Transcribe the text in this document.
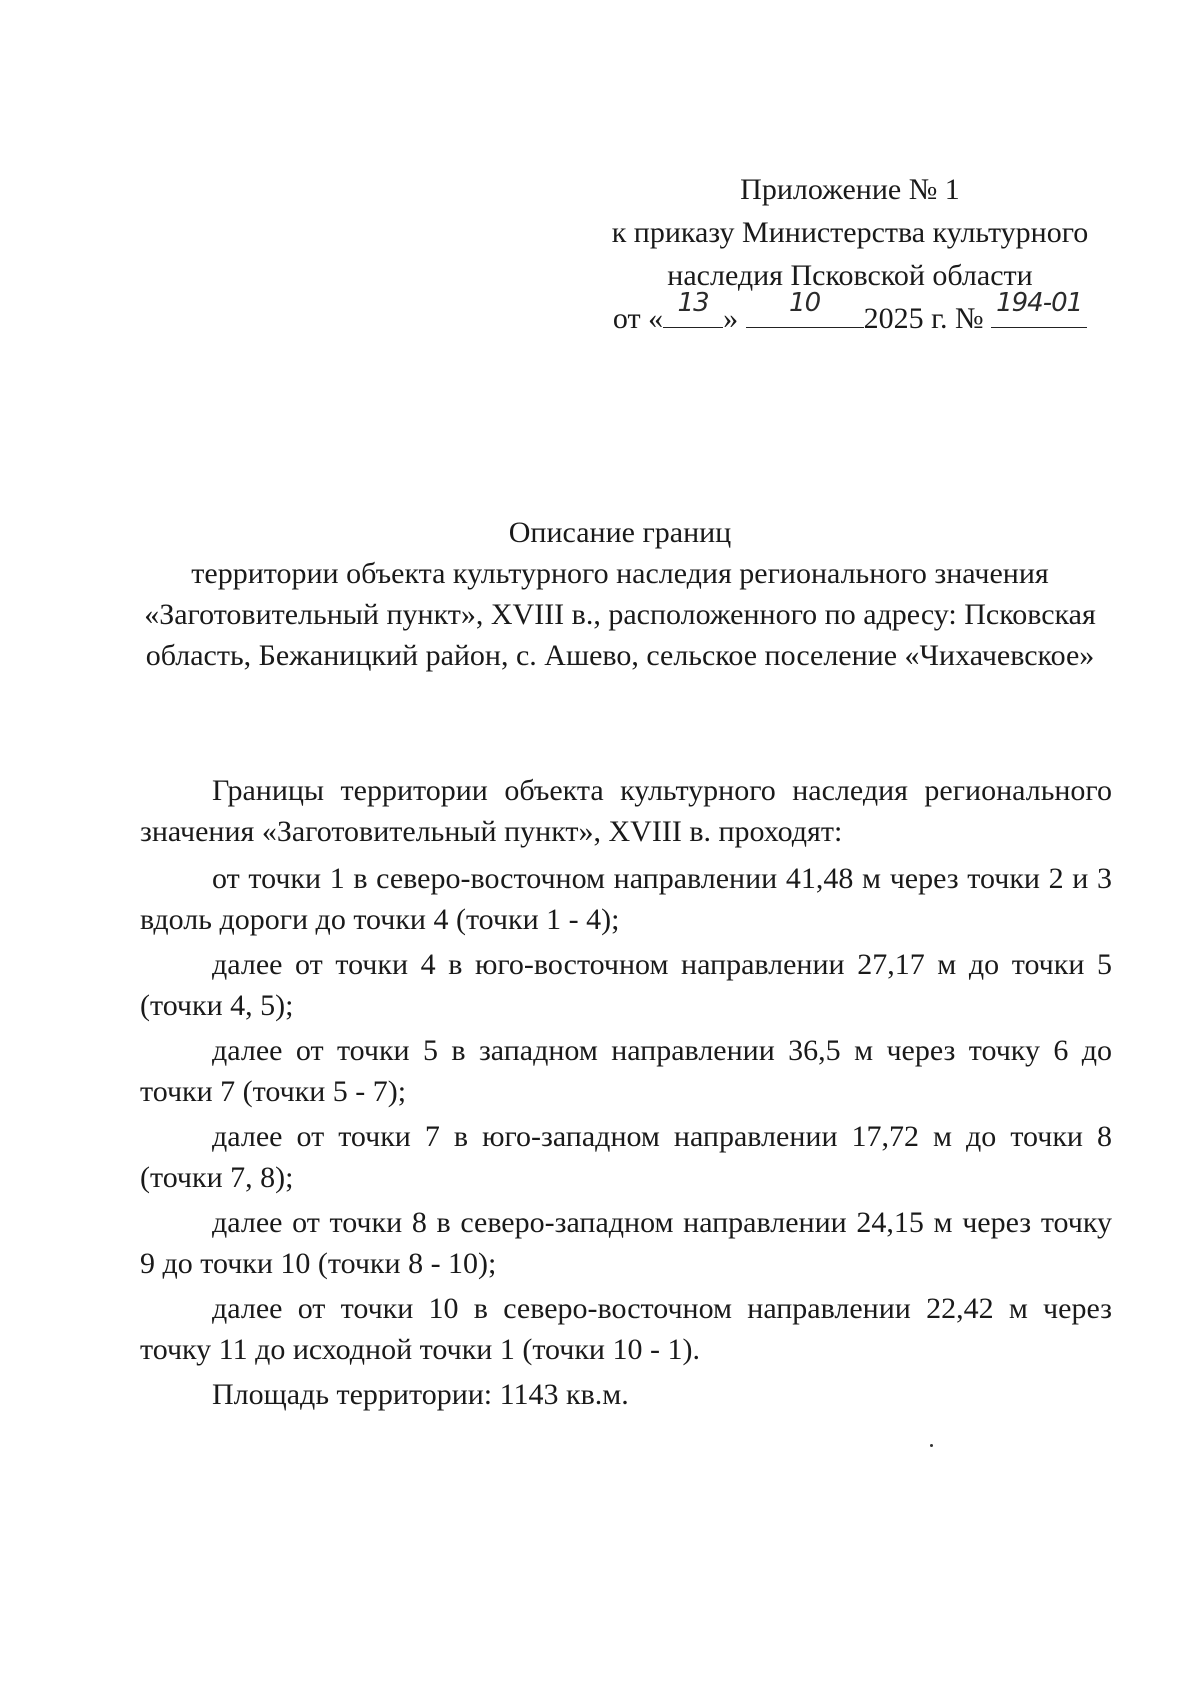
Приложение № 1
к приказу Министерства культурного
наследия Псковской области
от « 13 »	10	2025 г. № 194-01
Описание границ
территории объекта культурного наследия регионального значения
«Заготовительный пункт», XVIII в., расположенного по адресу: Псковская
область, Бежаницкий район, с. Ашево, сельское поселение «Чихачевское»

Границы территории объекта культурного наследия регионального значения «Заготовительный пункт», XVIII в. проходят:

от точки 1 в северо-восточном направлении 41,48 м через точки 2 и 3 вдоль дороги до точки 4 (точки 1 - 4);

далее от точки 4 в юго-восточном направлении 27,17 м до точки 5 (точки 4, 5);

далее от точки 5 в западном направлении 36,5 м через точку 6 до точки 7 (точки 5 - 7);

далее от точки 7 в юго-западном направлении 17,72 м до точки 8 (точки 7, 8);

далее от точки 8 в северо-западном направлении 24,15 м через точку 9 до точки 10 (точки 8 - 10);

далее от точки 10 в северо-восточном направлении 22,42 м через точку 11 до исходной точки 1 (точки 10 - 1).

Площадь территории: 1143 кв.м.
